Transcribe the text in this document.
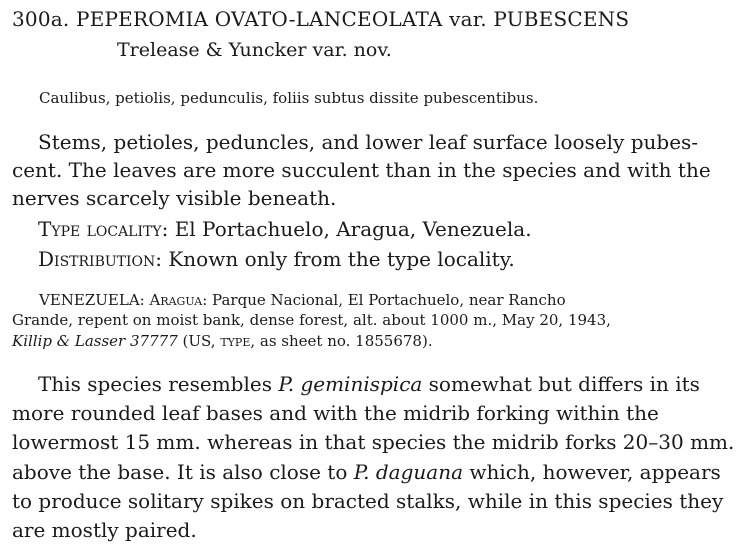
300a. PEPEROMIA OVATO-LANCEOLATA var. PUBESCENS
Trelease & Yuncker var. nov.
Caulibus, petiolis, pedunculis, foliis subtus dissite pubescentibus.
Stems, petioles, peduncles, and lower leaf surface loosely pubes-
cent. The leaves are more succulent than in the species and with the
nerves scarcely visible beneath.
Type locality: El Portachuelo, Aragua, Venezuela.
Distribution: Known only from the type locality.
VENEZUELA: Aragua: Parque Nacional, El Portachuelo, near Rancho
Grande, repent on moist bank, dense forest, alt. about 1000 m., May 20, 1943,
Killip & Lasser 37777 (US, type, as sheet no. 1855678).
This species resembles P. geminispica somewhat but differs in its
more rounded leaf bases and with the midrib forking within the
lowermost 15 mm. whereas in that species the midrib forks 20–30 mm.
above the base. It is also close to P. daguana which, however, appears
to produce solitary spikes on bracted stalks, while in this species they
are mostly paired.
